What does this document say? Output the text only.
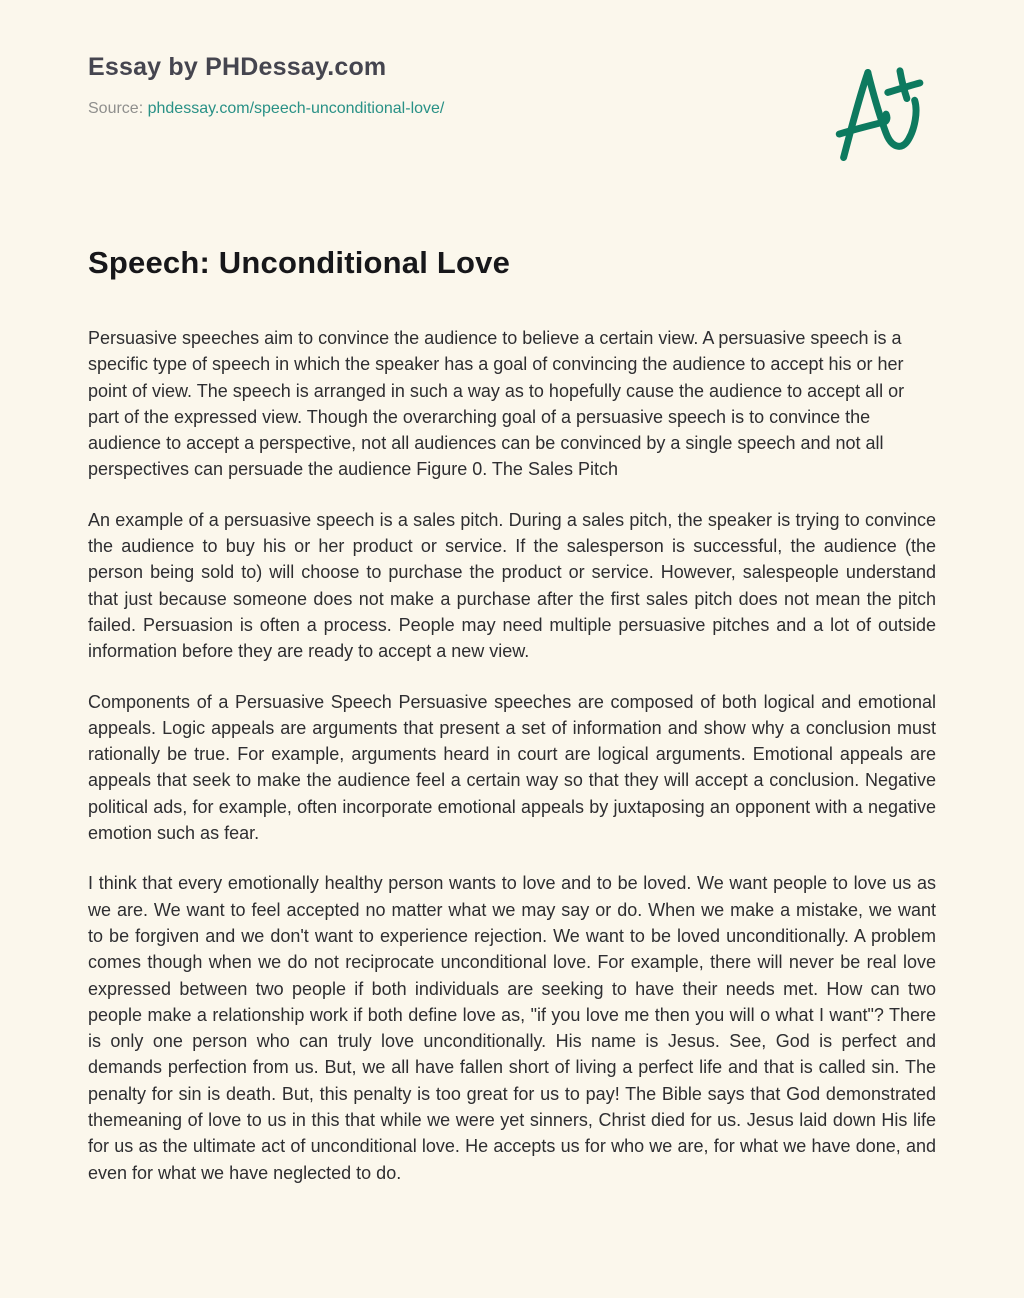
Essay by PHDessay.com

Source: phdessay.com/speech-unconditional-love/

Speech: Unconditional Love

Persuasive speeches aim to convince the audience to believe a certain view. A persuasive speech is a specific type of speech in which the speaker has a goal of convincing the audience to accept his or her point of view. The speech is arranged in such a way as to hopefully cause the audience to accept all or part of the expressed view. Though the overarching goal of a persuasive speech is to convince the audience to accept a perspective, not all audiences can be convinced by a single speech and not all perspectives can persuade the audience Figure 0. The Sales Pitch

An example of a persuasive speech is a sales pitch. During a sales pitch, the speaker is trying to convince the audience to buy his or her product or service. If the salesperson is successful, the audience (the person being sold to) will choose to purchase the product or service. However, salespeople understand that just because someone does not make a purchase after the first sales pitch does not mean the pitch failed. Persuasion is often a process. People may need multiple persuasive pitches and a lot of outside information before they are ready to accept a new view.

Components of a Persuasive Speech Persuasive speeches are composed of both logical and emotional appeals. Logic appeals are arguments that present a set of information and show why a conclusion must rationally be true. For example, arguments heard in court are logical arguments. Emotional appeals are appeals that seek to make the audience feel a certain way so that they will accept a conclusion. Negative political ads, for example, often incorporate emotional appeals by juxtaposing an opponent with a negative emotion such as fear.

I think that every emotionally healthy person wants to love and to be loved. We want people to love us as we are. We want to feel accepted no matter what we may say or do. When we make a mistake, we want to be forgiven and we don't want to experience rejection. We want to be loved unconditionally. A problem comes though when we do not reciprocate unconditional love. For example, there will never be real love expressed between two people if both individuals are seeking to have their needs met. How can two people make a relationship work if both define love as, "if you love me then you will o what I want"? There is only one person who can truly love unconditionally. His name is Jesus. See, God is perfect and demands perfection from us. But, we all have fallen short of living a perfect life and that is called sin. The penalty for sin is death. But, this penalty is too great for us to pay! The Bible says that God demonstrated themeaning of love to us in this that while we were yet sinners, Christ died for us. Jesus laid down His life for us as the ultimate act of unconditional love. He accepts us for who we are, for what we have done, and even for what we have neglected to do.
